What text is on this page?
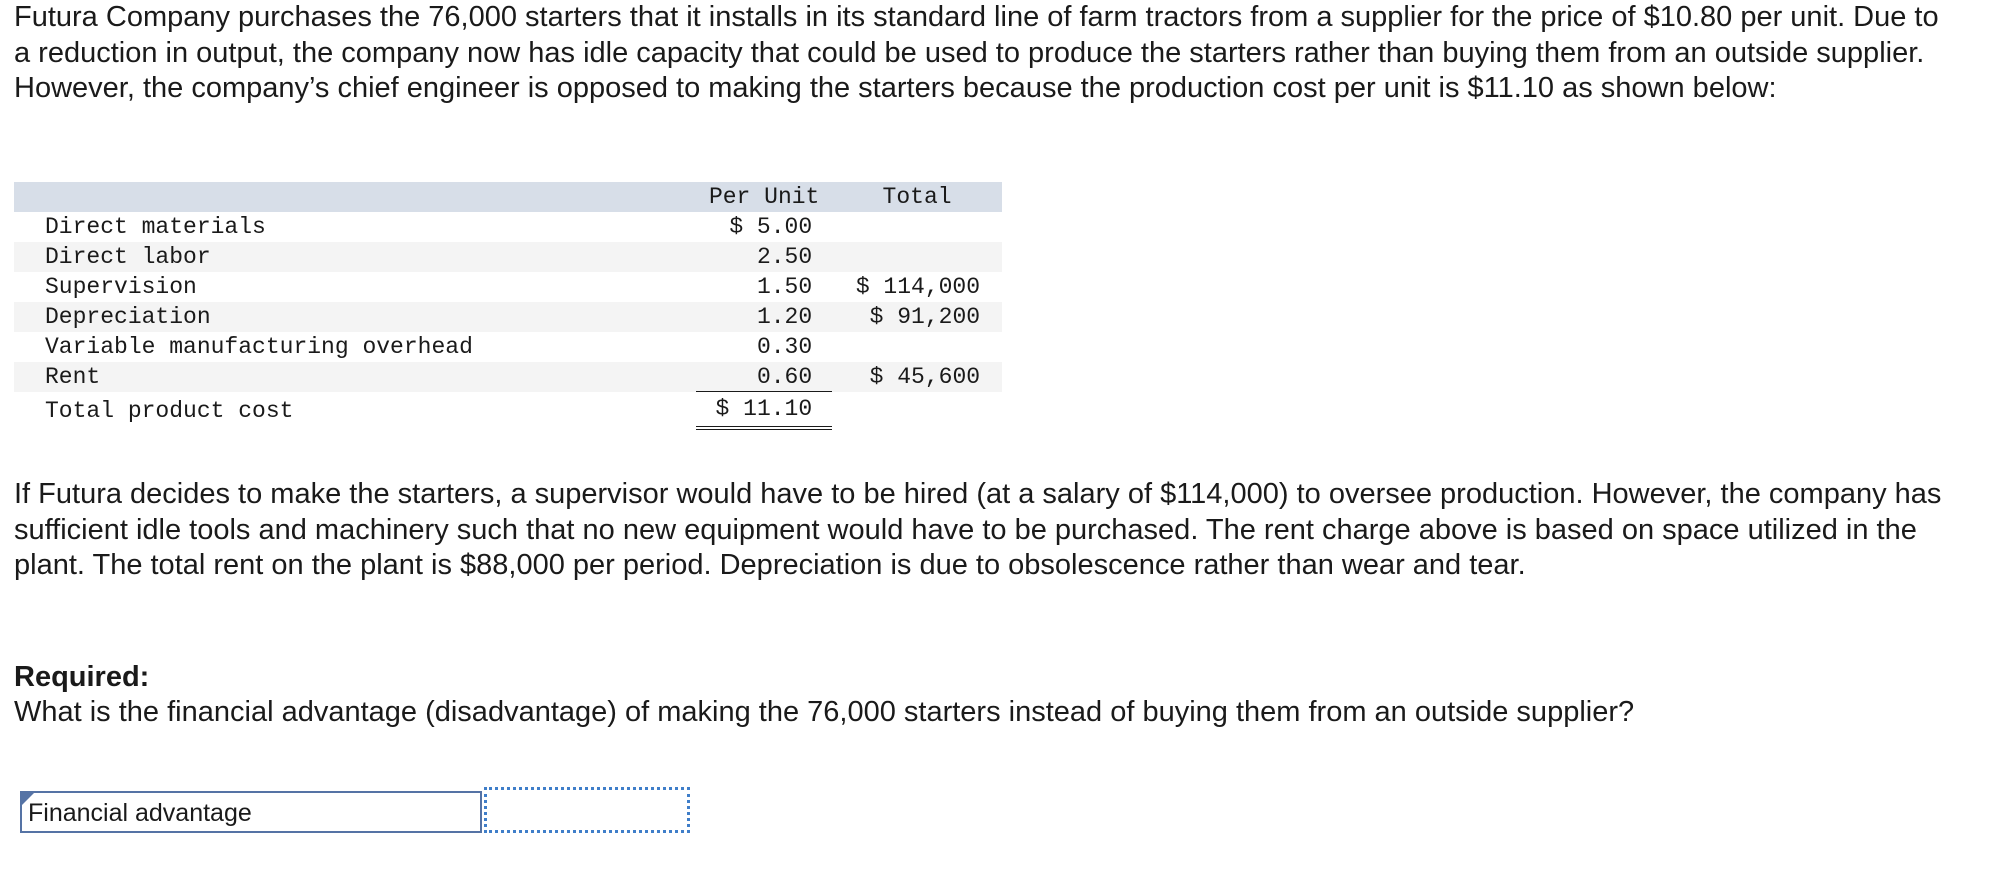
Futura Company purchases the 76,000 starters that it installs in its standard line of farm tractors from a supplier for the price of $10.80 per unit. Due to a reduction in output, the company now has idle capacity that could be used to produce the starters rather than buying them from an outside supplier. However, the company’s chief engineer is opposed to making the starters because the production cost per unit is $11.10 as shown below:

	Per Unit		Total	
Direct materials	$ 5.00			
Direct labor	2.50			
Supervision	1.50		$ 114,000	
Depreciation	1.20		$ 91,200	
Variable manufacturing overhead	0.30			
Rent	0.60		$ 45,600	
Total product cost	$ 11.10			

If Futura decides to make the starters, a supervisor would have to be hired (at a salary of $114,000) to oversee production. However, the company has sufficient idle tools and machinery such that no new equipment would have to be purchased. The rent charge above is based on space utilized in the plant. The total rent on the plant is $88,000 per period. Depreciation is due to obsolescence rather than wear and tear.

Required:

What is the financial advantage (disadvantage) of making the 76,000 starters instead of buying them from an outside supplier?

Financial advantage
